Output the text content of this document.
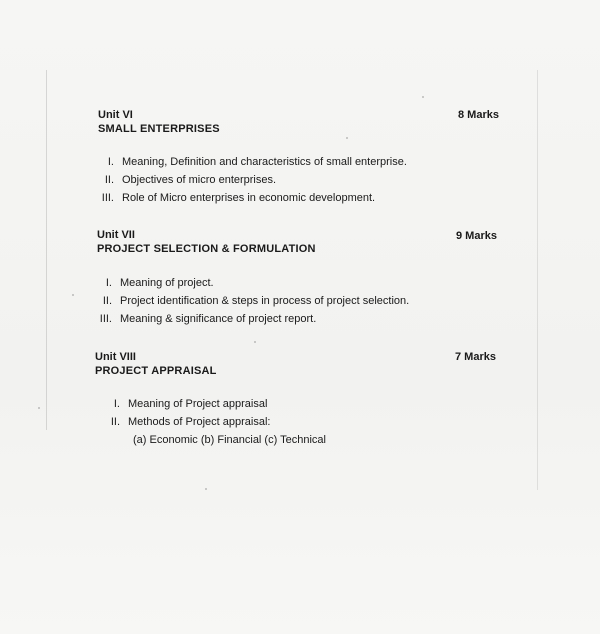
Unit VI
SMALL ENTERPRISES
8 Marks
I. Meaning, Definition and characteristics of small enterprise.
II. Objectives of micro enterprises.
III. Role of Micro enterprises in economic development.
Unit VII
PROJECT SELECTION & FORMULATION
9 Marks
I. Meaning of project.
II. Project identification & steps in process of project selection.
III. Meaning & significance of project report.
Unit VIII
PROJECT APPRAISAL
7 Marks
I. Meaning of Project appraisal
II. Methods of Project appraisal:
(a) Economic (b) Financial (c) Technical
